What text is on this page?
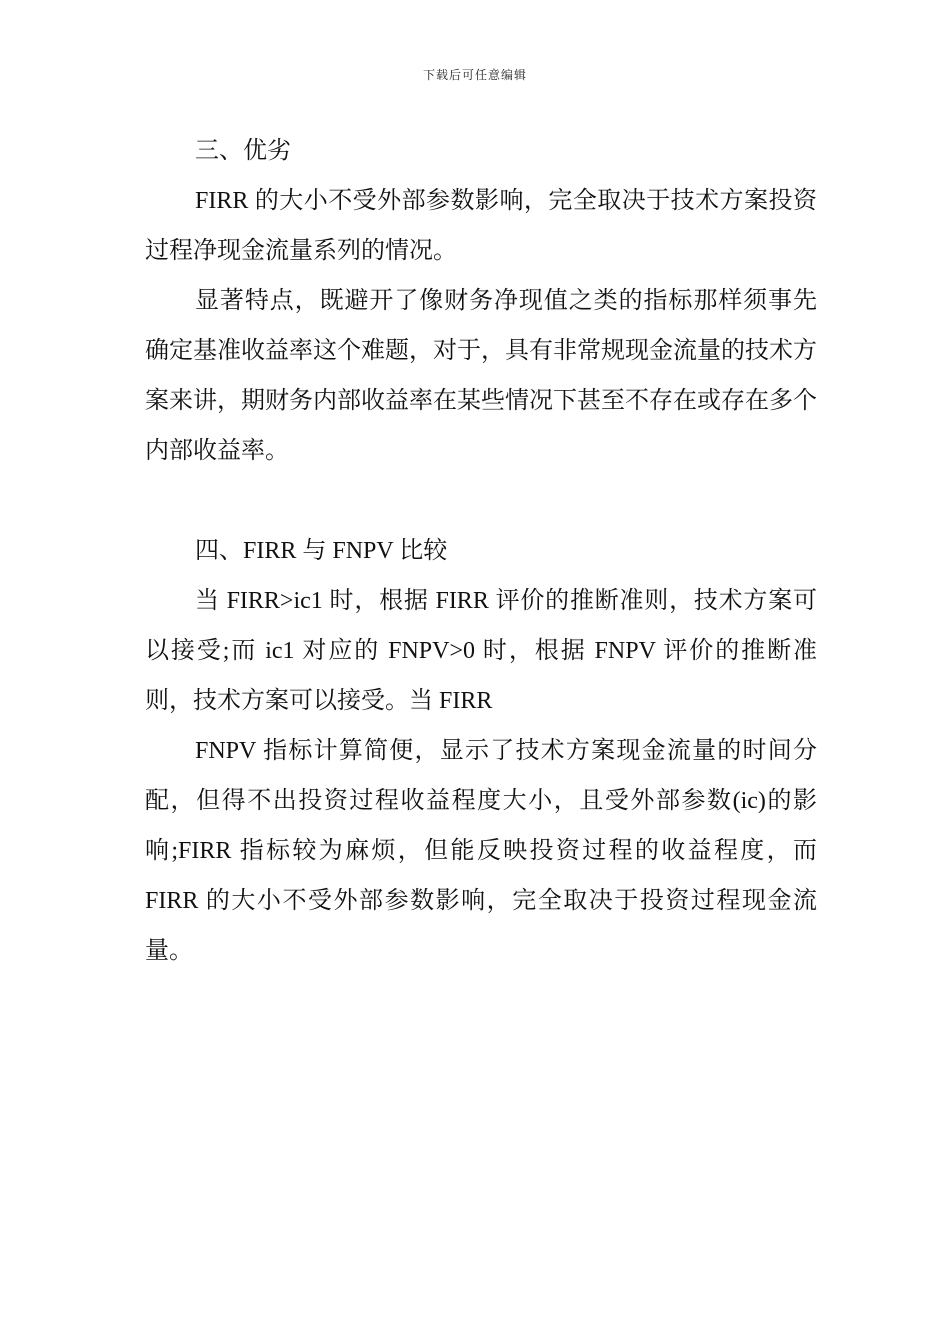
下载后可任意编辑

三、优劣

FIRR 的大小不受外部参数影响，完全取决于技术方案投资过程净现金流量系列的情况。

显著特点，既避开了像财务净现值之类的指标那样须事先确定基准收益率这个难题，对于，具有非常规现金流量的技术方案来讲，期财务内部收益率在某些情况下甚至不存在或存在多个内部收益率。

四、FIRR 与 FNPV 比较

当 FIRR>ic1 时，根据 FIRR 评价的推断准则，技术方案可以接受;而 ic1 对应的 FNPV>0 时，根据 FNPV 评价的推断准则，技术方案可以接受。当 FIRR

FNPV 指标计算简便，显示了技术方案现金流量的时间分配，但得不出投资过程收益程度大小，且受外部参数(ic)的影响;FIRR 指标较为麻烦，但能反映投资过程的收益程度，而 FIRR 的大小不受外部参数影响，完全取决于投资过程现金流量。
